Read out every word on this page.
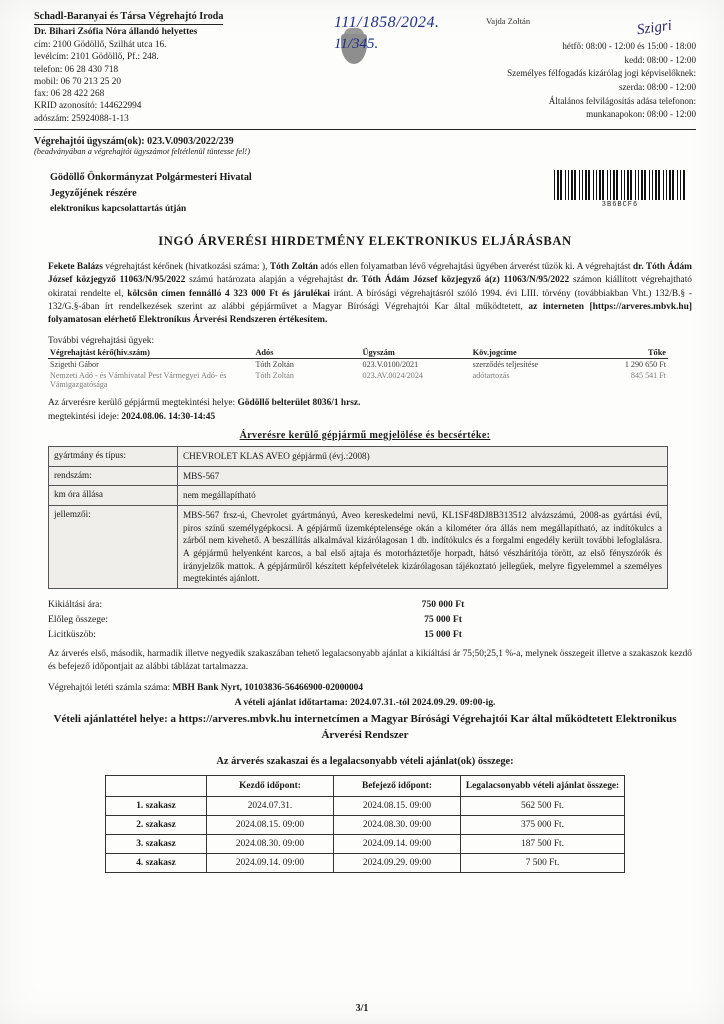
Schadl-Baranyai és Társa Végrehajtó Iroda
Dr. Bihari Zsófia Nóra állandó helyettes
cím: 2100 Gödöllő, Szilhát utca 16.
levélcím: 2101 Gödöllő, Pf.: 248.
telefon: 06 28 430 718
mobil: 06 70 213 25 20
fax: 06 28 422 268
KRID azonosító: 144622994
adószám: 25924088-1-13
hétfő: 08:00 - 12:00 és 15:00 - 18:00
kedd: 08:00 - 12:00
Személyes félfogadás kizárólag jogi képviselőknek:
szerda: 08:00 - 12:00
Általános felvilágosítás adása telefonon:
munkanapokon: 08:00 - 12:00
111/1858/2024.
11/345.
Vajda Zoltán	Szigri
Végrehajtói ügyszám(ok): 023.V.0903/2022/239
(beadványában a végrehajtói ügyszámot feltétlenül tüntesse fel!)
Gödöllő Önkormányzat Polgármesteri Hivatal
Jegyzőjének részére
elektronikus kapcsolattartás útján	3B6BCF6
INGÓ ÁRVERÉSI HIRDETMÉNY ELEKTRONIKUS ELJÁRÁSBAN

Fekete Balázs végrehajtást kérőnek (hivatkozási száma: ), Tóth Zoltán adós ellen folyamatban lévő végrehajtási ügyében árverést tűzök ki. A végrehajtást dr. Tóth Ádám József közjegyző 11063/N/95/2022 számú határozata alapján a végrehajtást dr. Tóth Ádám József közjegyző á(z) 11063/N/95/2022 számon kiállított végrehajtható okiratai rendelte el, kölcsön címen fennálló 4 323 000 Ft és járulékai iránt. A bírósági végrehajtásról szóló 1994. évi LIII. törvény (továbbiakban Vht.) 132/B.§ - 132/G.§-ában írt rendelkezések szerint az alábbi gépjárművet a Magyar Bírósági Végrehajtói Kar által működtetett, az interneten [https://arveres.mbvk.hu] folyamatosan elérhető Elektronikus Árverési Rendszeren értékesítem.

További végrehajtási ügyek:
Végrehajtást kérő(hiv.szám)	Adós	Ügyszám	Köv.jogcíme	Tőke
Szigethi Gábor	Tóth Zoltán	023.V.0100/2021	szerződés teljesítése	1 290 650 Ft
Nemzeti Adó - és Vámhivatal Pest Vármegyei Adó- és Vámigazgatósága	Tóth Zoltán	023.AV.0024/2024	adótartozás	845 541 Ft
Az árverésre kerülő gépjármű megtekintési helye: Gödöllő belterület 8036/1 hrsz.
megtekintési ideje: 2024.08.06. 14:30-14:45
Árverésre kerülő gépjármű megjelölése és becsértéke:
gyártmány és típus:	CHEVROLET KLAS AVEO gépjármű (évj.:2008)
rendszám:	MBS-567
km óra állása	nem megállapítható
jellemzői:	MBS-567 frsz-ú, Chevrolet gyártmányú, Aveo kereskedelmi nevű, KL1SF48DJ8B313512 alvázszámú, 2008-as gyártási évű, piros színű személygépkocsi. A gépjármű üzemképtelensége okán a kilométer óra állás nem megállapítható, az indítókulcs a zárból nem kivehető. A beszállítás alkalmával kizárólagosan 1 db. indítókulcs és a forgalmi engedély került további lefoglalásra. A gépjármű helyenként karcos, a bal első ajtaja és motorháztetője horpadt, hátsó vészhárítója törött, az első fényszórók és irányjelzők mattok. A gépjárműről készített képfelvételek kizárólagosan tájékoztató jellegűek, melyre figyelemmel a személyes megtekintés ajánlott.
Kikiáltási ára:	750 000 Ft
Előleg összege:	75 000 Ft
Licitküszöb:	15 000 Ft

Az árverés első, második, harmadik illetve negyedik szakaszában tehető legalacsonyabb ajánlat a kikiáltási ár 75;50;25,1 %-a, melynek összegeit illetve a szakaszok kezdő és befejező időpontjait az alábbi táblázat tartalmazza.

Végrehajtói letéti számla száma: MBH Bank Nyrt, 10103836-56466900-02000004
A vételi ajánlat időtartama: 2024.07.31.-tól 2024.09.29. 09:00-ig.
Vételi ajánlattétel helye: a https://arveres.mbvk.hu internetcímen a Magyar Bírósági Végrehajtói Kar által működtetett Elektronikus Árverési Rendszer
Az árverés szakaszai és a legalacsonyabb vételi ajánlat(ok) összege:
	Kezdő időpont:	Befejező időpont:	Legalacsonyabb vételi ajánlat összege:
1. szakasz	2024.07.31.	2024.08.15. 09:00	562 500 Ft.
2. szakasz	2024.08.15. 09:00	2024.08.30. 09:00	375 000 Ft.
3. szakasz	2024.08.30. 09:00	2024.09.14. 09:00	187 500 Ft.
4. szakasz	2024.09.14. 09:00	2024.09.29. 09:00	7 500 Ft.
3/1
